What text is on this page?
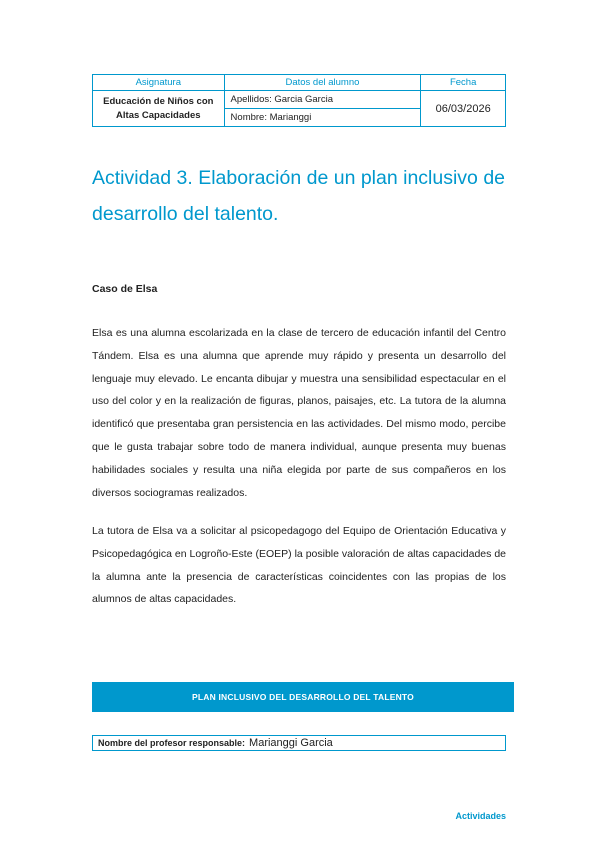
Asignatura	Datos del alumno	Fecha
Educación de Niños con
Altas Capacidades	Apellidos: Garcia Garcia	06/03/2026
	Nombre: Marianggi	
Actividad 3. Elaboración de un plan inclusivo de
desarrollo del talento.

Caso de Elsa

Elsa es una alumna escolarizada en la clase de tercero de educación infantil del Centro Tándem. Elsa es una alumna que aprende muy rápido y presenta un desarrollo del lenguaje muy elevado. Le encanta dibujar y muestra una sensibilidad espectacular en el uso del color y en la realización de figuras, planos, paisajes, etc. La tutora de la alumna identificó que presentaba gran persistencia en las actividades. Del mismo modo, percibe que le gusta trabajar sobre todo de manera individual, aunque presenta muy buenas habilidades sociales y resulta una niña elegida por parte de sus compañeros en los diversos sociogramas realizados.

La tutora de Elsa va a solicitar al psicopedagogo del Equipo de Orientación Educativa y Psicopedagógica en Logroño-Este (EOEP) la posible valoración de altas capacidades de la alumna ante la presencia de características coincidentes con las propias de los alumnos de altas capacidades.

PLAN INCLUSIVO DEL DESARROLLO DEL TALENTO
Nombre del profesor responsable: Marianggi Garcia
Actividades
